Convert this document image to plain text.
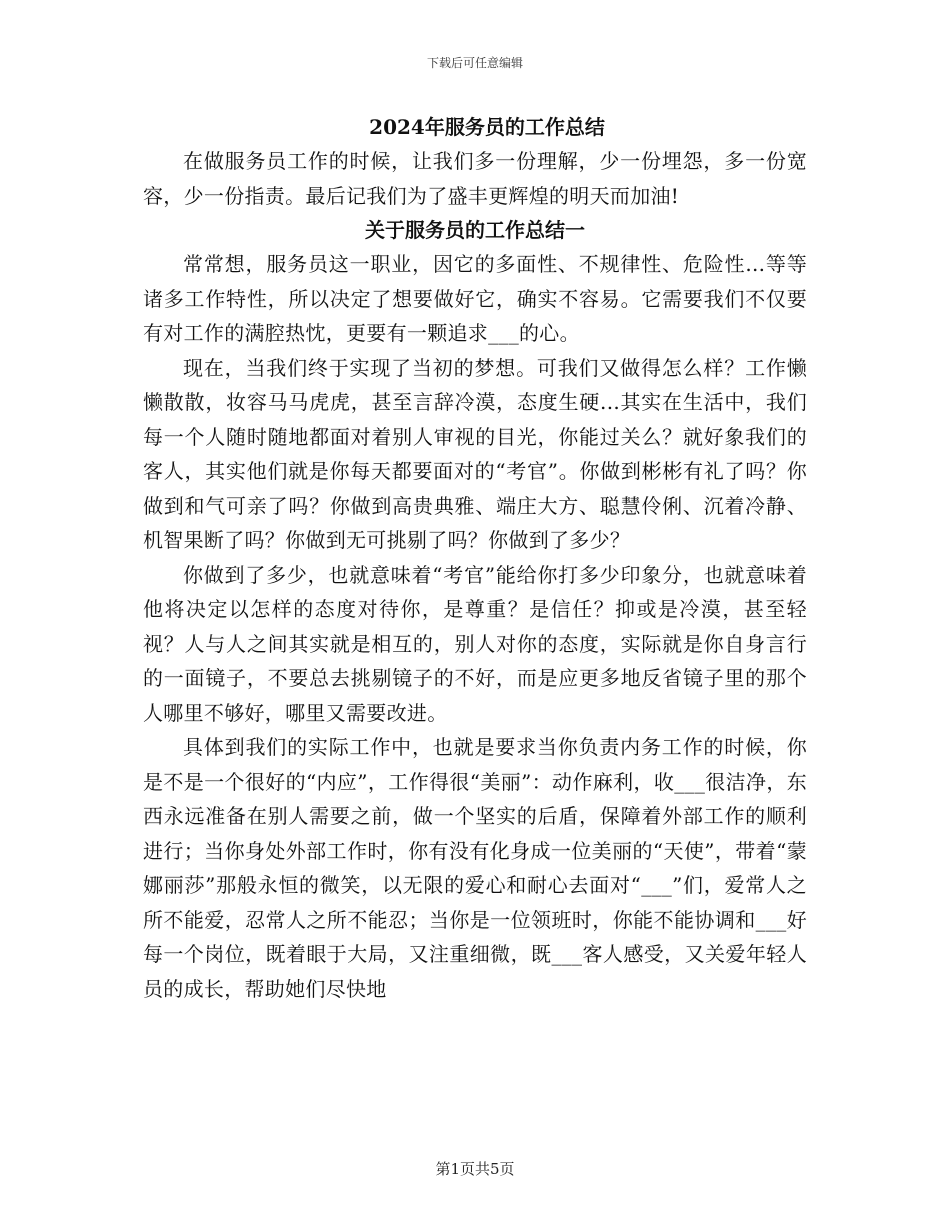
下载后可任意编辑

2024年服务员的工作总结

在做服务员工作的时候，让我们多一份理解，少一份埋怨，多一份宽容，少一份指责。最后记我们为了盛丰更辉煌的明天而加油!

关于服务员的工作总结一

常常想，服务员这一职业，因它的多面性、不规律性、危险性...等等诸多工作特性，所以决定了想要做好它，确实不容易。它需要我们不仅要有对工作的满腔热忱，更要有一颗追求___的心。

现在，当我们终于实现了当初的梦想。可我们又做得怎么样？工作懒懒散散，妆容马马虎虎，甚至言辞冷漠，态度生硬...其实在生活中，我们每一个人随时随地都面对着别人审视的目光，你能过关么？就好象我们的客人，其实他们就是你每天都要面对的“考官”。你做到彬彬有礼了吗？你做到和气可亲了吗？你做到高贵典雅、端庄大方、聪慧伶俐、沉着冷静、机智果断了吗？你做到无可挑剔了吗？你做到了多少？

你做到了多少，也就意味着“考官”能给你打多少印象分，也就意味着他将决定以怎样的态度对待你，是尊重？是信任？抑或是冷漠，甚至轻视？人与人之间其实就是相互的，别人对你的态度，实际就是你自身言行的一面镜子，不要总去挑剔镜子的不好，而是应更多地反省镜子里的那个人哪里不够好，哪里又需要改进。

具体到我们的实际工作中，也就是要求当你负责内务工作的时候，你是不是一个很好的“内应”，工作得很“美丽”：动作麻利，收___很洁净，东西永远准备在别人需要之前，做一个坚实的后盾，保障着外部工作的顺利进行；当你身处外部工作时，你有没有化身成一位美丽的“天使”，带着“蒙娜丽莎”那般永恒的微笑，以无限的爱心和耐心去面对“___”们，爱常人之所不能爱，忍常人之所不能忍；当你是一位领班时，你能不能协调和___好每一个岗位，既着眼于大局，又注重细微，既___客人感受，又关爱年轻人员的成长，帮助她们尽快地

第1页共5页
